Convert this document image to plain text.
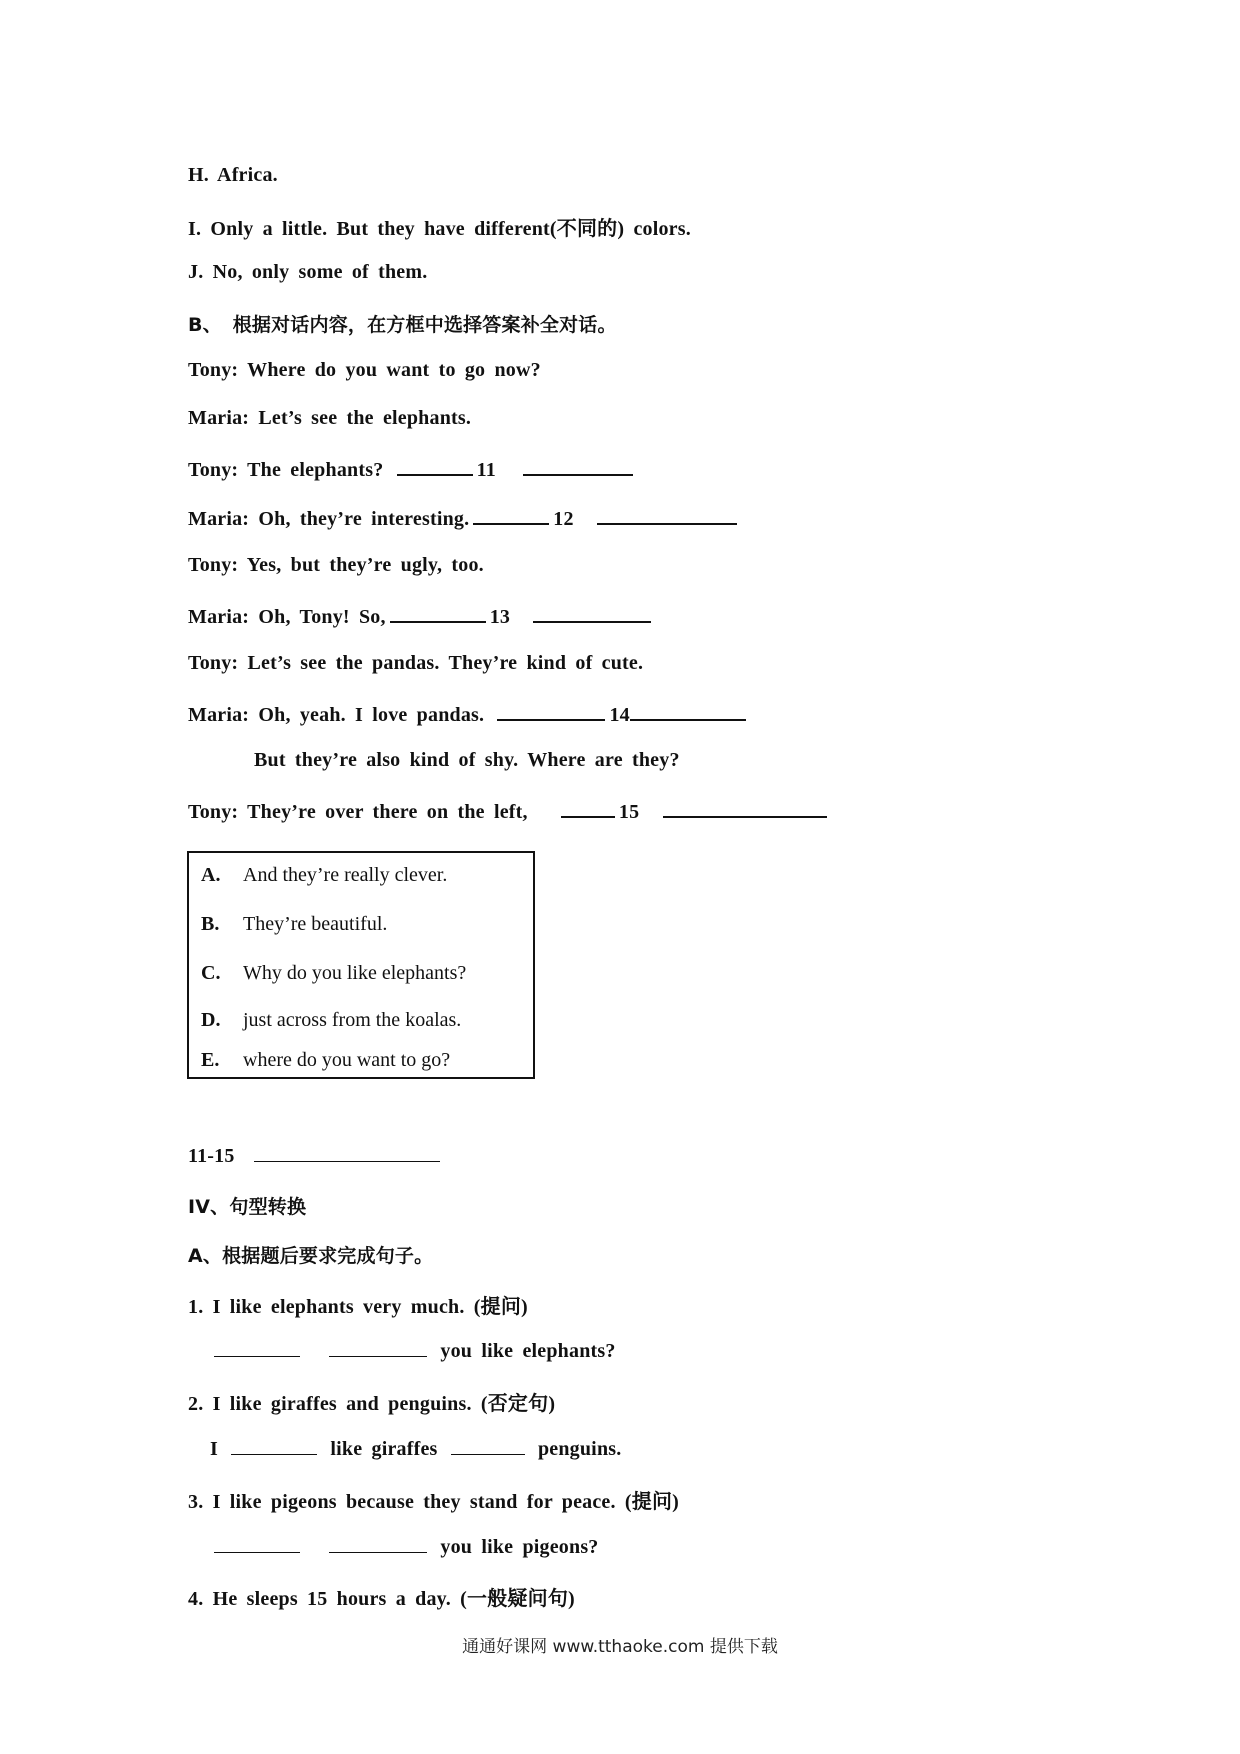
H. Africa.
I. Only a little. But they have different(不同的) colors.
J. No, only some of them.
B、 根据对话内容，在方框中选择答案补全对话。
Tony: Where do you want to go now?
Maria: Let’s see the elephants.
Tony: The elephants?	11
Maria: Oh, they’re interesting.	12
Tony: Yes, but they’re ugly, too.
Maria: Oh, Tony! So,	13
Tony: Let’s see the pandas. They’re kind of cute.
Maria: Oh, yeah. I love pandas.	14
But they’re also kind of shy. Where are they?
Tony: They’re over there on the left,	15
A. And they’re really clever.
B. They’re beautiful.
C. Why do you like elephants?
D. just across from the koalas.
E. where do you want to go?
11-15
IV、句型转换
A、根据题后要求完成句子。
1. I like elephants very much. (提问)
you like elephants?
2. I like giraffes and penguins. (否定句)
I	like giraffes	penguins.
3. I like pigeons because they stand for peace. (提问)
you like pigeons?
4. He sleeps 15 hours a day. (一般疑问句)
通通好课网 www.tthaoke.com 提供下载
